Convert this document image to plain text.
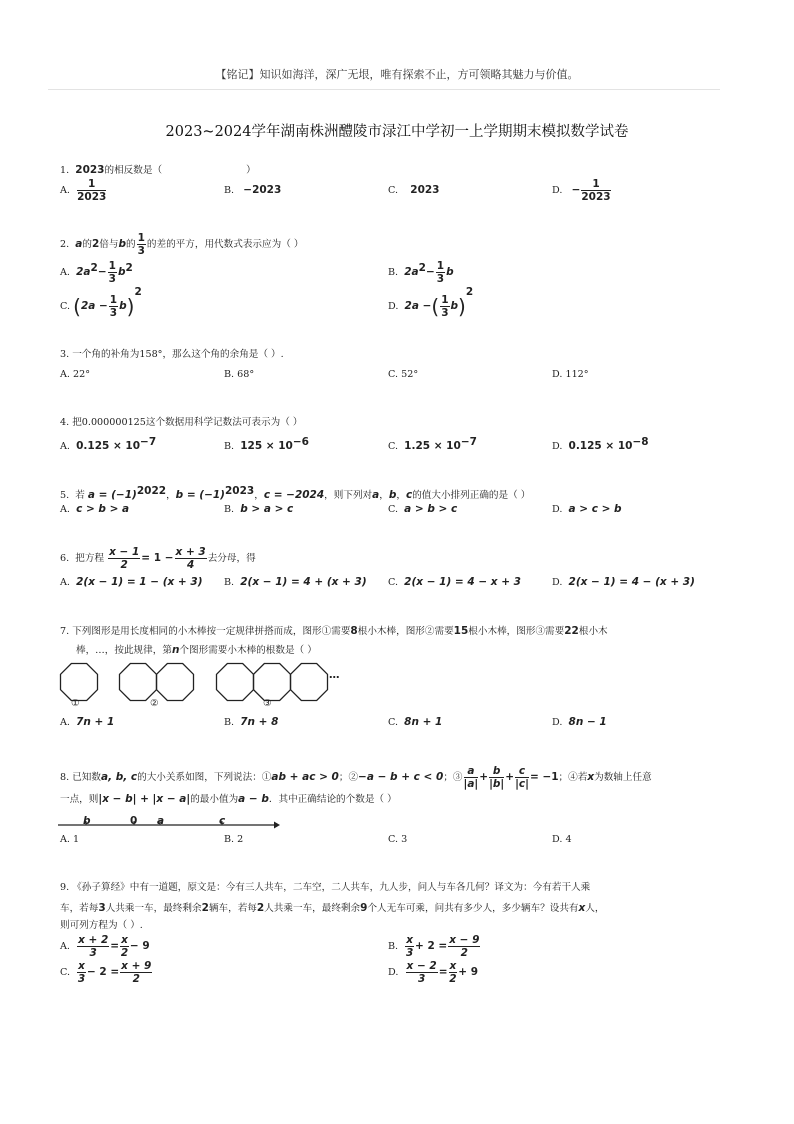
【铭记】知识如海洋，深广无垠，唯有探索不止，方可领略其魅力与价值。
2023~2024学年湖南株洲醴陵市渌江中学初一上学期期末模拟数学试卷
1. 2023的相反数是（	）
A. $\frac{1}{2023}$	B. −2023	C. 2023	D. − $\frac{1}{2023}$
2. a的2倍与b的 $\frac{1}{3}$ 的差的平方，用代数式表示应为（ ）
A. $2a^2- \frac{1}{3} b^2$	B. $2a^2- \frac{1}{3}$ b
C. $(2a - \frac{1}{3} b)^2$
D. 2a −( $\frac{1}{3} b)^2$
3. 一个角的补角为158°，那么这个角的余角是（ ）.
A. 22°	B. 68°	C. 52°	D. 112°
4. 把0.000000125这个数据用科学记数法可表示为（ ）
A. $0.125 \times 10^{-7}$	B. $125 \times 10^{-6}$	C. $1.25 \times 10^{-7}$	D. $0.125 \times 10^{-8}$
5. 若 $a = (-1)^{2022}$，$b = (-1)^{2023}$，c = −2024，则下列对a，b，c的值大小排列正确的是（ ）
A. c > b > a	B. b > a > c	C. a > b > c	D. a > c > b
6. 把方程 $\frac{x - 1}{2} = 1 - \frac{x + 3}{4}$ 去分母，得
A. 2(x − 1) = 1 − (x + 3) B. 2(x − 1) = 4 + (x + 3) C. 2(x − 1) = 4 − x + 3	D. 2(x − 1) = 4 − (x + 3)
7. 下列图形是用长度相同的小木棒按一定规律拼搭而成，图形①需要8根小木棒，图形②需要15根小木棒，图形③需要22根小木
棒，…，按此规律，第n个图形需要小木棒的根数是（ ）
①	②	③
…
A. 7n + 1	B. 7n + 8	C. 8n + 1	D. 8n − 1
8. 已知数a, b, c的大小关系如图，下列说法：①ab + ac > 0；②−a − b + c < 0；③ $\frac{a}{|a|} + \frac{b}{|b|} + \frac{c}{|c|} = -1$；④若x为数轴上任意
一点，则|x − b| + |x − a|的最小值为a − b．其中正确结论的个数是（ ）
b	0 a	c
A. 1	B. 2	C. 3	D. 4
9. 《孙子算经》中有一道题，原文是：今有三人共车，二车空，二人共车，九人步，问人与车各几何？译文为：今有若干人乘
车，若每3人共乘一车，最终剩余2辆车，若每2人共乘一车，最终剩余9个人无车可乘，问共有多少人，多少辆车？设共有x人，
则可列方程为（ ）.
A. $\frac{x + 2}{3} = \frac{x}{2} - 9$	B. $\frac{x}{3} + 2 = \frac{x - 9}{2}$
C. $\frac{x}{3} - 2 = \frac{x + 9}{2}$	D. $\frac{x - 2}{3} = \frac{x}{2} + 9$
